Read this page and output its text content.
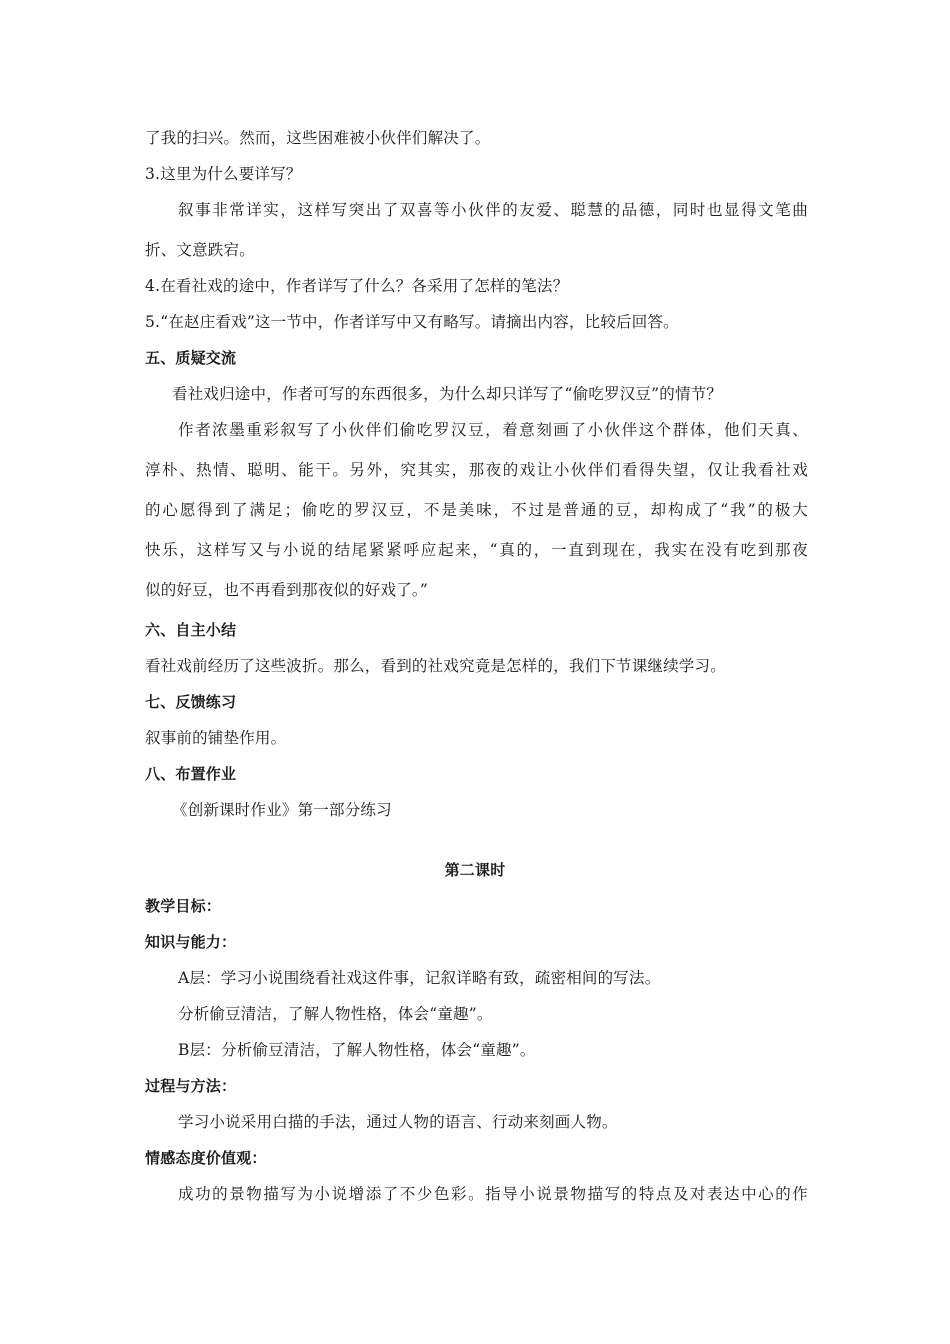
了我的扫兴。然而，这些困难被小伙伴们解决了。
3.这里为什么要详写？
叙事非常详实，这样写突出了双喜等小伙伴的友爱、聪慧的品德，同时也显得文笔曲
折、文意跌宕。
4.在看社戏的途中，作者详写了什么？各采用了怎样的笔法？
5.“在赵庄看戏”这一节中，作者详写中又有略写。请摘出内容，比较后回答。
五、质疑交流
看社戏归途中，作者可写的东西很多，为什么却只详写了“偷吃罗汉豆”的情节？
作者浓墨重彩叙写了小伙伴们偷吃罗汉豆，着意刻画了小伙伴这个群体，他们天真、
淳朴、热情、聪明、能干。另外，究其实，那夜的戏让小伙伴们看得失望，仅让我看社戏
的心愿得到了满足；偷吃的罗汉豆，不是美味，不过是普通的豆，却构成了“我”的极大
快乐，这样写又与小说的结尾紧紧呼应起来，“真的，一直到现在，我实在没有吃到那夜
似的好豆，也不再看到那夜似的好戏了。”
六、自主小结
看社戏前经历了这些波折。那么，看到的社戏究竟是怎样的，我们下节课继续学习。
七、反馈练习
叙事前的铺垫作用。
八、布置作业
《创新课时作业》第一部分练习
第二课时
教学目标：
知识与能力：
A层：学习小说围绕看社戏这件事，记叙详略有致，疏密相间的写法。
分析偷豆清洁，了解人物性格，体会“童趣”。
B层：分析偷豆清洁，了解人物性格，体会“童趣”。
过程与方法：
学习小说采用白描的手法，通过人物的语言、行动来刻画人物。
情感态度价值观：
成功的景物描写为小说增添了不少色彩。指导小说景物描写的特点及对表达中心的作
